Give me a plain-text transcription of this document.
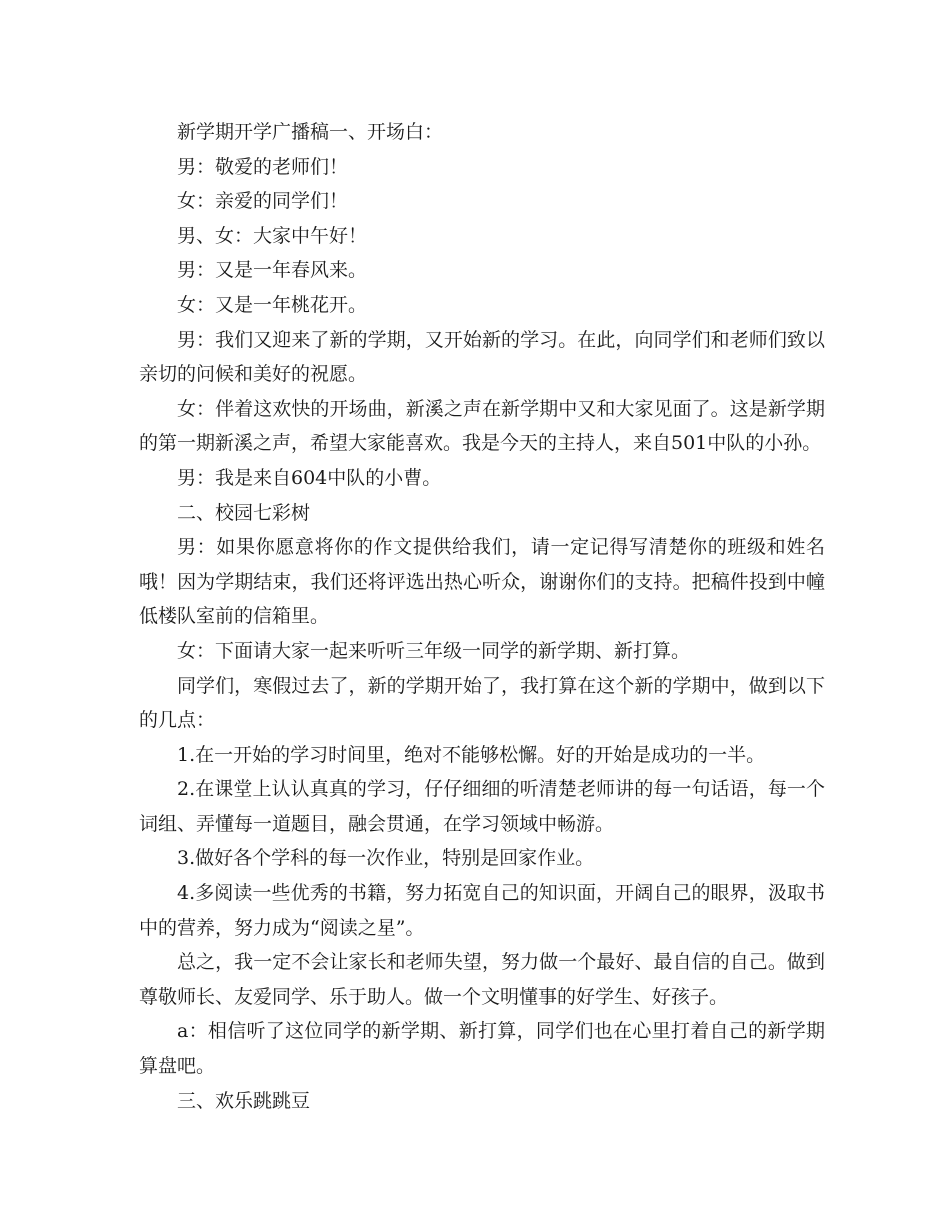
新学期开学广播稿一、开场白：

男：敬爱的老师们！

女：亲爱的同学们！

男、女：大家中午好！

男：又是一年春风来。

女：又是一年桃花开。

男：我们又迎来了新的学期，又开始新的学习。在此，向同学们和老师们致以亲切的问候和美好的祝愿。

女：伴着这欢快的开场曲，新溪之声在新学期中又和大家见面了。这是新学期的第一期新溪之声，希望大家能喜欢。我是今天的主持人，来自501中队的小孙。

男：我是来自604中队的小曹。

二、校园七彩树

男：如果你愿意将你的作文提供给我们，请一定记得写清楚你的班级和姓名哦！因为学期结束，我们还将评选出热心听众，谢谢你们的支持。把稿件投到中幢低楼队室前的信箱里。

女：下面请大家一起来听听三年级一同学的新学期、新打算。

同学们，寒假过去了，新的学期开始了，我打算在这个新的学期中，做到以下的几点：

1.在一开始的学习时间里，绝对不能够松懈。好的开始是成功的一半。

2.在课堂上认认真真的学习，仔仔细细的听清楚老师讲的每一句话语，每一个词组、弄懂每一道题目，融会贯通，在学习领域中畅游。

3.做好各个学科的每一次作业，特别是回家作业。

4.多阅读一些优秀的书籍，努力拓宽自己的知识面，开阔自己的眼界，汲取书中的营养，努力成为“阅读之星”。

总之，我一定不会让家长和老师失望，努力做一个最好、最自信的自己。做到尊敬师长、友爱同学、乐于助人。做一个文明懂事的好学生、好孩子。

a：相信听了这位同学的新学期、新打算，同学们也在心里打着自己的新学期算盘吧。

三、欢乐跳跳豆
